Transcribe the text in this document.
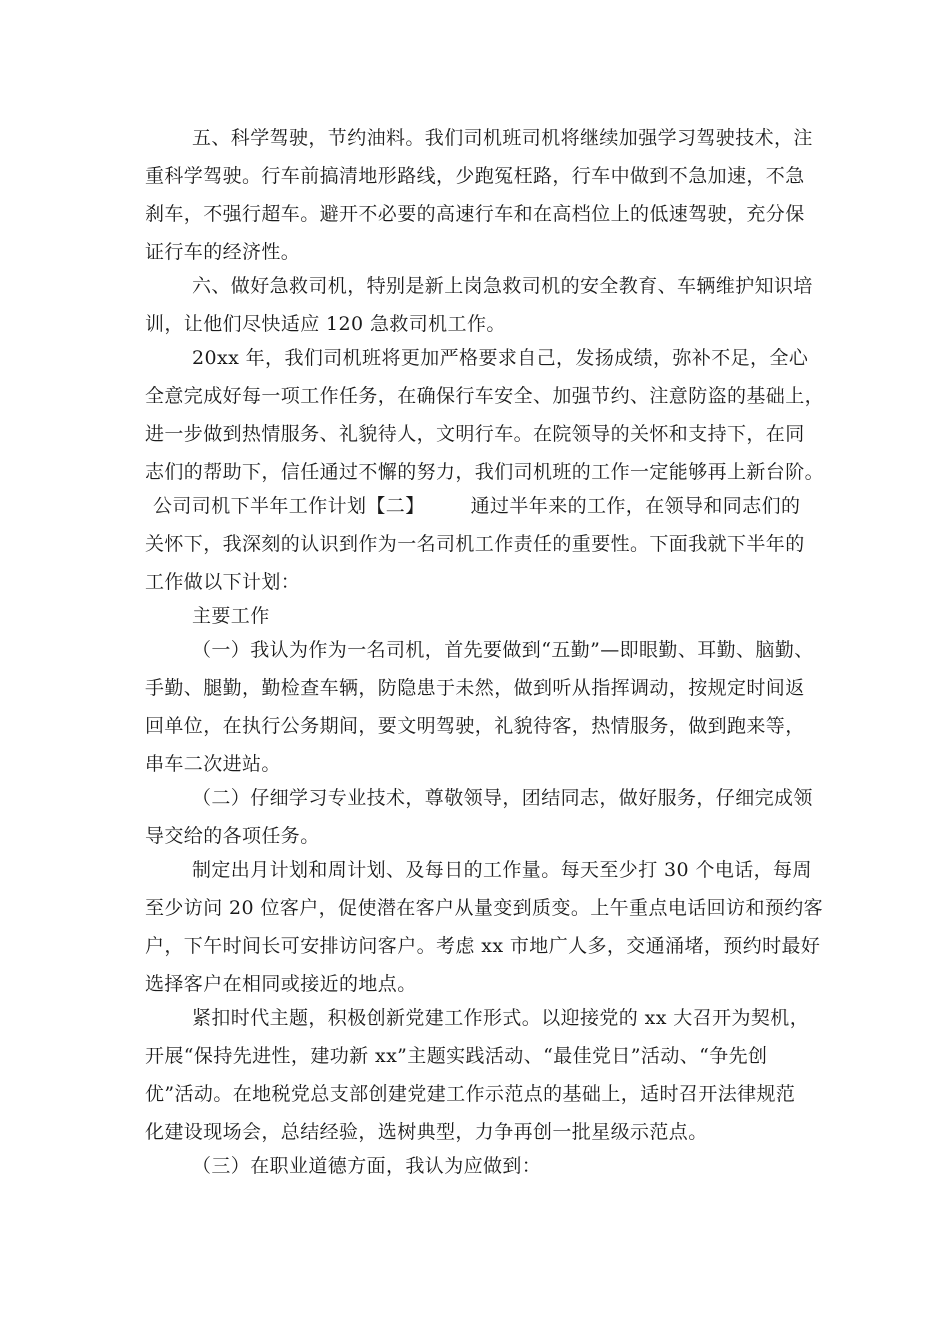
五、科学驾驶，节约油料。我们司机班司机将继续加强学习驾驶技术，注
重科学驾驶。行车前搞清地形路线，少跑冤枉路，行车中做到不急加速，不急
刹车，不强行超车。避开不必要的高速行车和在高档位上的低速驾驶，充分保
证行车的经济性。
六、做好急救司机，特别是新上岗急救司机的安全教育、车辆维护知识培
训，让他们尽快适应 120 急救司机工作。
20xx 年，我们司机班将更加严格要求自己，发扬成绩，弥补不足，全心
全意完成好每一项工作任务，在确保行车安全、加强节约、注意防盗的基础上，
进一步做到热情服务、礼貌待人，文明行车。在院领导的关怀和支持下，在同
志们的帮助下，信任通过不懈的努力，我们司机班的工作一定能够再上新台阶。
公司司机下半年工作计划【二】 通过半年来的工作，在领导和同志们的
关怀下，我深刻的认识到作为一名司机工作责任的重要性。下面我就下半年的
工作做以下计划：
主要工作
（一）我认为作为一名司机，首先要做到“五勤”—即眼勤、耳勤、脑勤、
手勤、腿勤，勤检查车辆，防隐患于未然，做到听从指挥调动，按规定时间返
回单位，在执行公务期间，要文明驾驶，礼貌待客，热情服务，做到跑来等，
串车二次进站。
（二）仔细学习专业技术，尊敬领导，团结同志，做好服务，仔细完成领
导交给的各项任务。
制定出月计划和周计划、及每日的工作量。每天至少打 30 个电话，每周
至少访问 20 位客户，促使潜在客户从量变到质变。上午重点电话回访和预约客
户，下午时间长可安排访问客户。考虑 xx 市地广人多，交通涌堵，预约时最好
选择客户在相同或接近的地点。
紧扣时代主题，积极创新党建工作形式。以迎接党的 xx 大召开为契机，
开展“保持先进性，建功新 xx”主题实践活动、“最佳党日”活动、“争先创
优”活动。在地税党总支部创建党建工作示范点的基础上，适时召开法律规范
化建设现场会，总结经验，选树典型，力争再创一批星级示范点。
（三）在职业道德方面，我认为应做到：
